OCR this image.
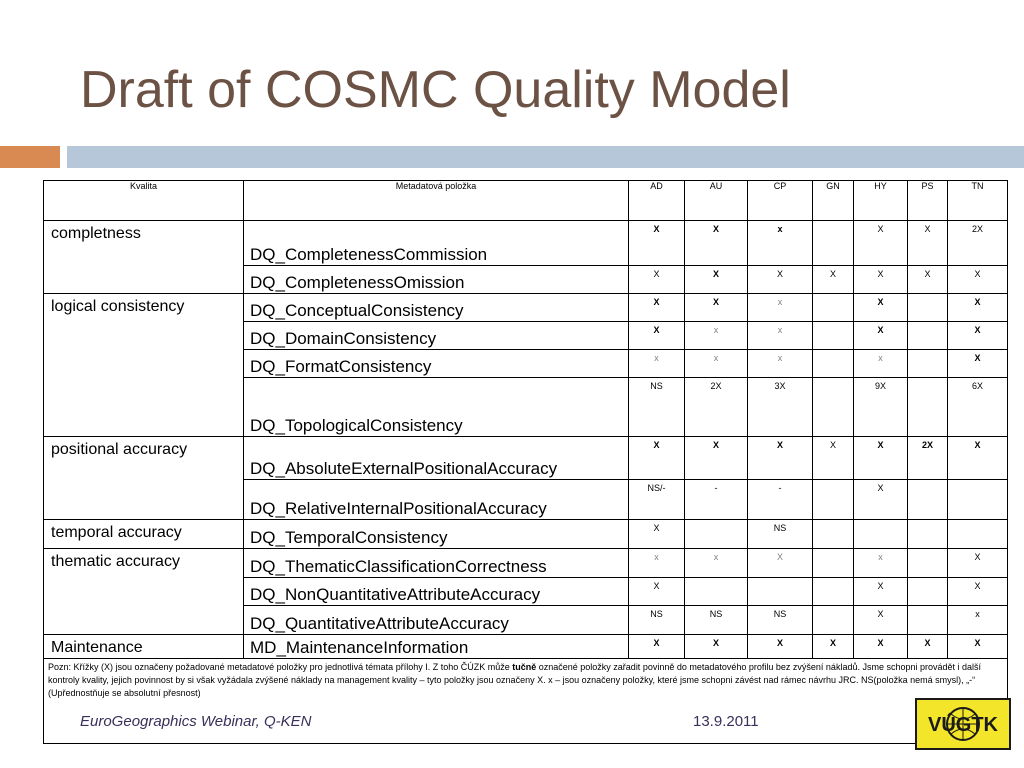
Draft of COSMC Quality Model
Kvalita	Metadatová položka	AD	AU	CP	GN	HY	PS	TN
completness	DQ_CompletenessCommission	X	X	x		X	X	2X
	DQ_CompletenessOmission	X	X	X	X	X	X	X
logical consistency	DQ_ConceptualConsistency	X	X	x		X		X
	DQ_DomainConsistency	X	x	x		X		X
	DQ_FormatConsistency	x	x	x		x		X
	DQ_TopologicalConsistency	NS	2X	3X		9X		6X
positional accuracy	DQ_AbsoluteExternalPositionalAccuracy	X	X	X	X	X	2X	X
	DQ_RelativeInternalPositionalAccuracy	NS/-	-	-		X		
temporal accuracy	DQ_TemporalConsistency	X		NS				
thematic accuracy	DQ_ThematicClassificationCorrectness	x	x	X		x		X
	DQ_NonQuantitativeAttributeAccuracy	X				X		X
	DQ_QuantitativeAttributeAccuracy	NS	NS	NS		X		x
Maintenance	MD_MaintenanceInformation	X	X	X	X	X	X	X

Pozn: Křížky (X) jsou označeny požadované metadatové položky pro jednotlivá témata přílohy I. Z toho ČÚZK může tučně označené položky zařadit povinně do metadatového profilu bez zvýšení nákladů. Jsme schopni provádět i další kontroly kvality, jejich povinnost by si však vyžádala zvýšené náklady na management kvality – tyto položky jsou označeny X. x – jsou označeny položky, které jsme schopni závést nad rámec návrhu JRC. NS(položka nemá smysl), „-“ (Upřednostňuje se absolutní přesnost)								
EuroGeographics Webinar, Q-KEN	13.9.2011	VÚGTK
